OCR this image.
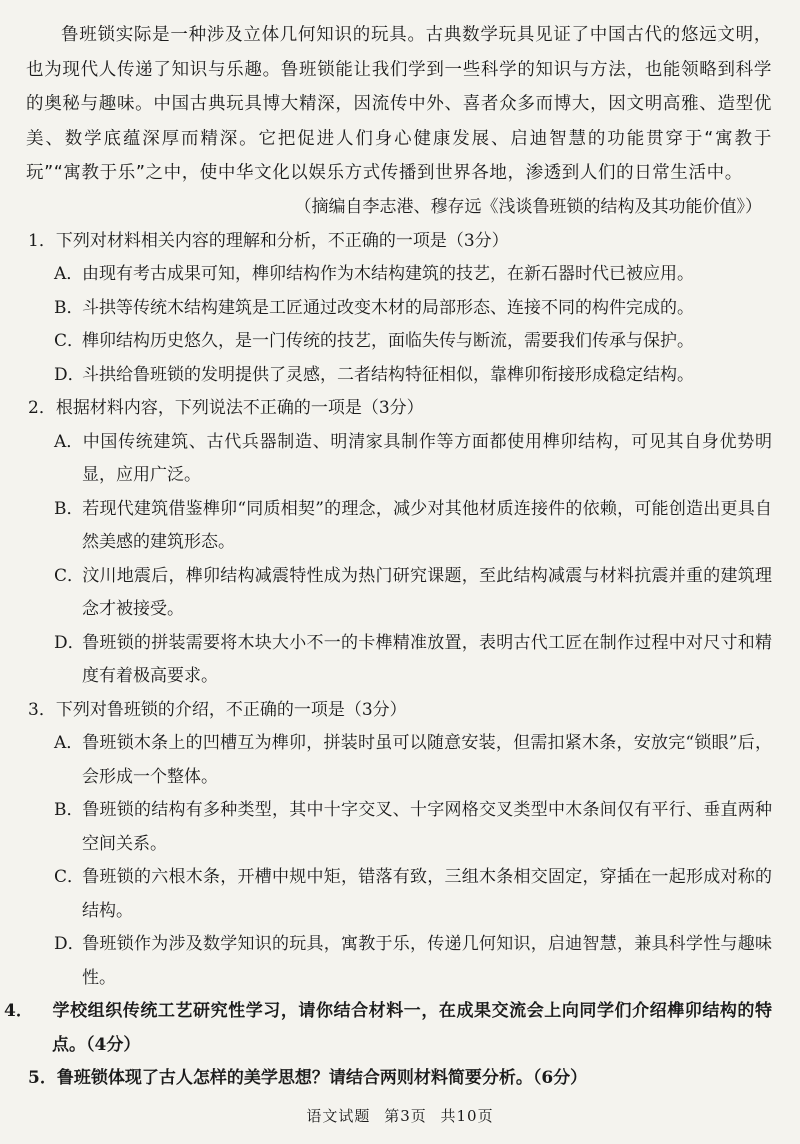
鲁班锁实际是一种涉及立体几何知识的玩具。古典数学玩具见证了中国古代的悠远文明，也为现代人传递了知识与乐趣。鲁班锁能让我们学到一些科学的知识与方法，也能领略到科学的奥秘与趣味。中国古典玩具博大精深，因流传中外、喜者众多而博大，因文明高雅、造型优美、数学底蕴深厚而精深。它把促进人们身心健康发展、启迪智慧的功能贯穿于“寓教于玩”“寓教于乐”之中，使中华文化以娱乐方式传播到世界各地，渗透到人们的日常生活中。

（摘编自李志港、穆存远《浅谈鲁班锁的结构及其功能价值》）

1．下列对材料相关内容的理解和分析，不正确的一项是（3分）

A．由现有考古成果可知，榫卯结构作为木结构建筑的技艺，在新石器时代已被应用。

B．斗拱等传统木结构建筑是工匠通过改变木材的局部形态、连接不同的构件完成的。

C．榫卯结构历史悠久，是一门传统的技艺，面临失传与断流，需要我们传承与保护。

D．斗拱给鲁班锁的发明提供了灵感，二者结构特征相似，靠榫卯衔接形成稳定结构。

2．根据材料内容，下列说法不正确的一项是（3分）

A．中国传统建筑、古代兵器制造、明清家具制作等方面都使用榫卯结构，可见其自身优势明显，应用广泛。

B．若现代建筑借鉴榫卯“同质相契”的理念，减少对其他材质连接件的依赖，可能创造出更具自然美感的建筑形态。

C．汶川地震后，榫卯结构减震特性成为热门研究课题，至此结构减震与材料抗震并重的建筑理念才被接受。

D．鲁班锁的拼装需要将木块大小不一的卡榫精准放置，表明古代工匠在制作过程中对尺寸和精度有着极高要求。

3．下列对鲁班锁的介绍，不正确的一项是（3分）

A．鲁班锁木条上的凹槽互为榫卯，拼装时虽可以随意安装，但需扣紧木条，安放完“锁眼”后，会形成一个整体。

B．鲁班锁的结构有多种类型，其中十字交叉、十字网格交叉类型中木条间仅有平行、垂直两种空间关系。

C．鲁班锁的六根木条，开槽中规中矩，错落有致，三组木条相交固定，穿插在一起形成对称的结构。

D．鲁班锁作为涉及数学知识的玩具，寓教于乐，传递几何知识，启迪智慧，兼具科学性与趣味性。

4． 学校组织传统工艺研究性学习，请你结合材料一，在成果交流会上向同学们介绍榫卯结构的特点。（4分）

5．鲁班锁体现了古人怎样的美学思想？请结合两则材料简要分析。（6分）

语文试题 第3页 共10页
